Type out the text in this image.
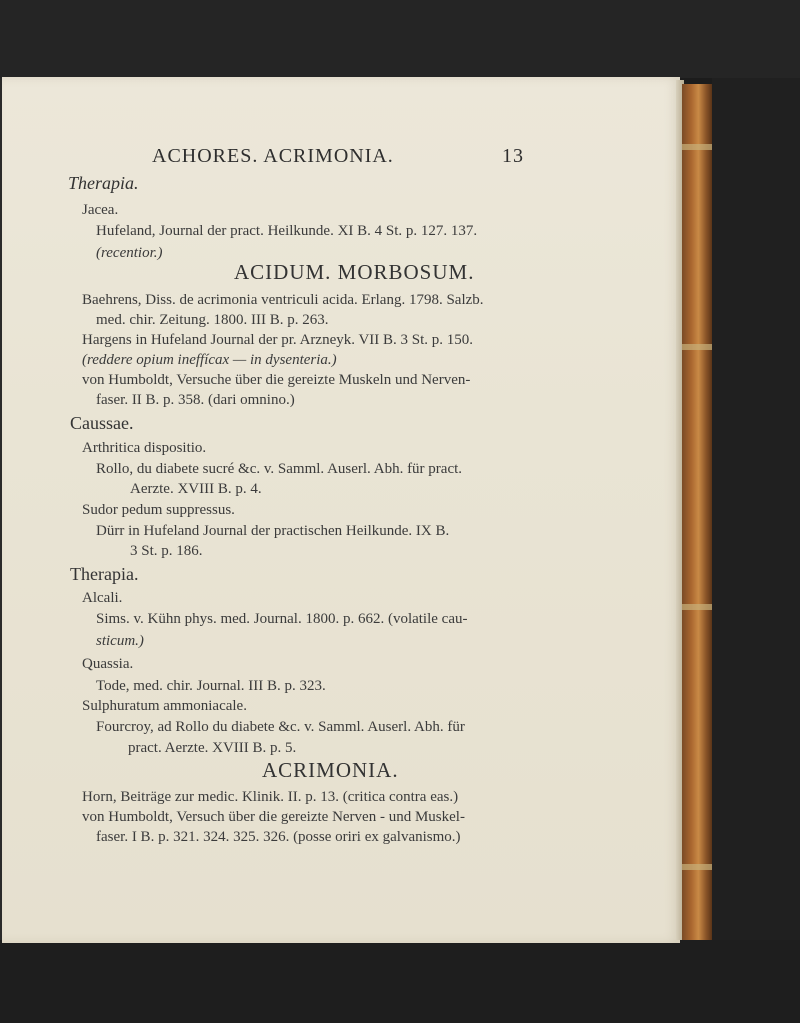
ACHORES. ACRIMONIA.	13
Therapia.
Jacea.
Hufeland, Journal der pract. Heilkunde. XI B. 4 St. p. 127. 137.
(recentior.)
ACIDUM. MORBOSUM.
Baehrens, Diss. de acrimonia ventriculi acida. Erlang. 1798. Salzb.
med. chir. Zeitung. 1800. III B. p. 263.
Hargens in Hufeland Journal der pr. Arzneyk. VII B. 3 St. p. 150.
(reddere opium ineffícax — in dysenteria.)
von Humboldt, Versuche über die gereizte Muskeln und Nerven-
faser. II B. p. 358. (dari omnino.)
Caussae.
Arthritica dispositio.
Rollo, du diabete sucré &c. v. Samml. Auserl. Abh. für pract.
Aerzte. XVIII B. p. 4.
Sudor pedum suppressus.
Dürr in Hufeland Journal der practischen Heilkunde. IX B.
3 St. p. 186.
Therapia.
Alcali.
Sims. v. Kühn phys. med. Journal. 1800. p. 662. (volatile cau-
sticum.)
Quassia.
Tode, med. chir. Journal. III B. p. 323.
Sulphuratum ammoniacale.
Fourcroy, ad Rollo du diabete &c. v. Samml. Auserl. Abh. für
pract. Aerzte. XVIII B. p. 5.
ACRIMONIA.
Horn, Beiträge zur medic. Klinik. II. p. 13. (critica contra eas.)
von Humboldt, Versuch über die gereizte Nerven - und Muskel-
faser. I B. p. 321. 324. 325. 326. (posse oriri ex galvanismo.)
